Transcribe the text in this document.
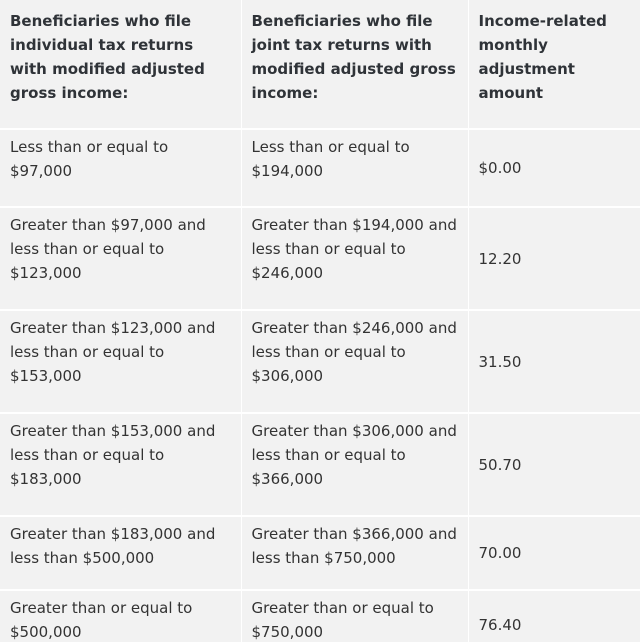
Beneficiaries who file individual tax returns with modified adjusted gross income:	Beneficiaries who file joint tax returns with modified adjusted gross income:	Income-related monthly adjustment amount
Less than or equal to $97,000	Less than or equal to $194,000	$0.00
Greater than $97,000 and less than or equal to $123,000	Greater than $194,000 and less than or equal to $246,000	12.20
Greater than $123,000 and less than or equal to $153,000	Greater than $246,000 and less than or equal to $306,000	31.50
Greater than $153,000 and less than or equal to $183,000	Greater than $306,000 and less than or equal to $366,000	50.70
Greater than $183,000 and less than $500,000	Greater than $366,000 and less than $750,000	70.00
Greater than or equal to $500,000	Greater than or equal to $750,000	76.40
